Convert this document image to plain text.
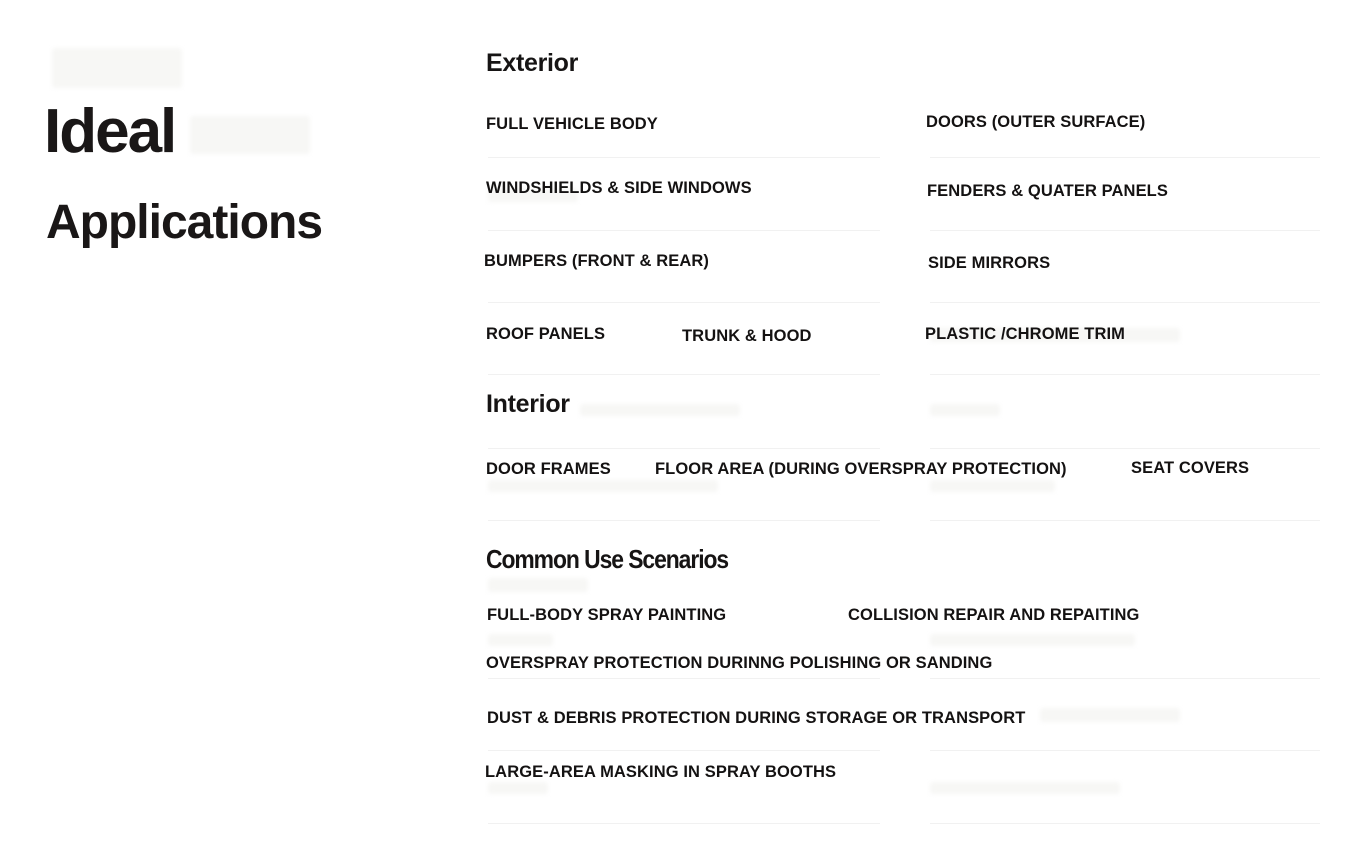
Ideal
Applications
Exterior
FULL VEHICLE BODY	DOORS (OUTER SURFACE)
WINDSHIELDS & SIDE WINDOWS	FENDERS & QUATER PANELS
BUMPERS (FRONT & REAR)	SIDE MIRRORS
ROOF PANELS	TRUNK & HOOD	PLASTIC /CHROME TRIM
Interior
DOOR FRAMES	FLOOR AREA (DURING OVERSPRAY PROTECTION)	SEAT COVERS
Common Use Scenarios
FULL-BODY SPRAY PAINTING	COLLISION REPAIR AND REPAITING
OVERSPRAY PROTECTION DURINNG POLISHING OR SANDING
DUST & DEBRIS PROTECTION DURING STORAGE OR TRANSPORT
LARGE-AREA MASKING IN SPRAY BOOTHS
